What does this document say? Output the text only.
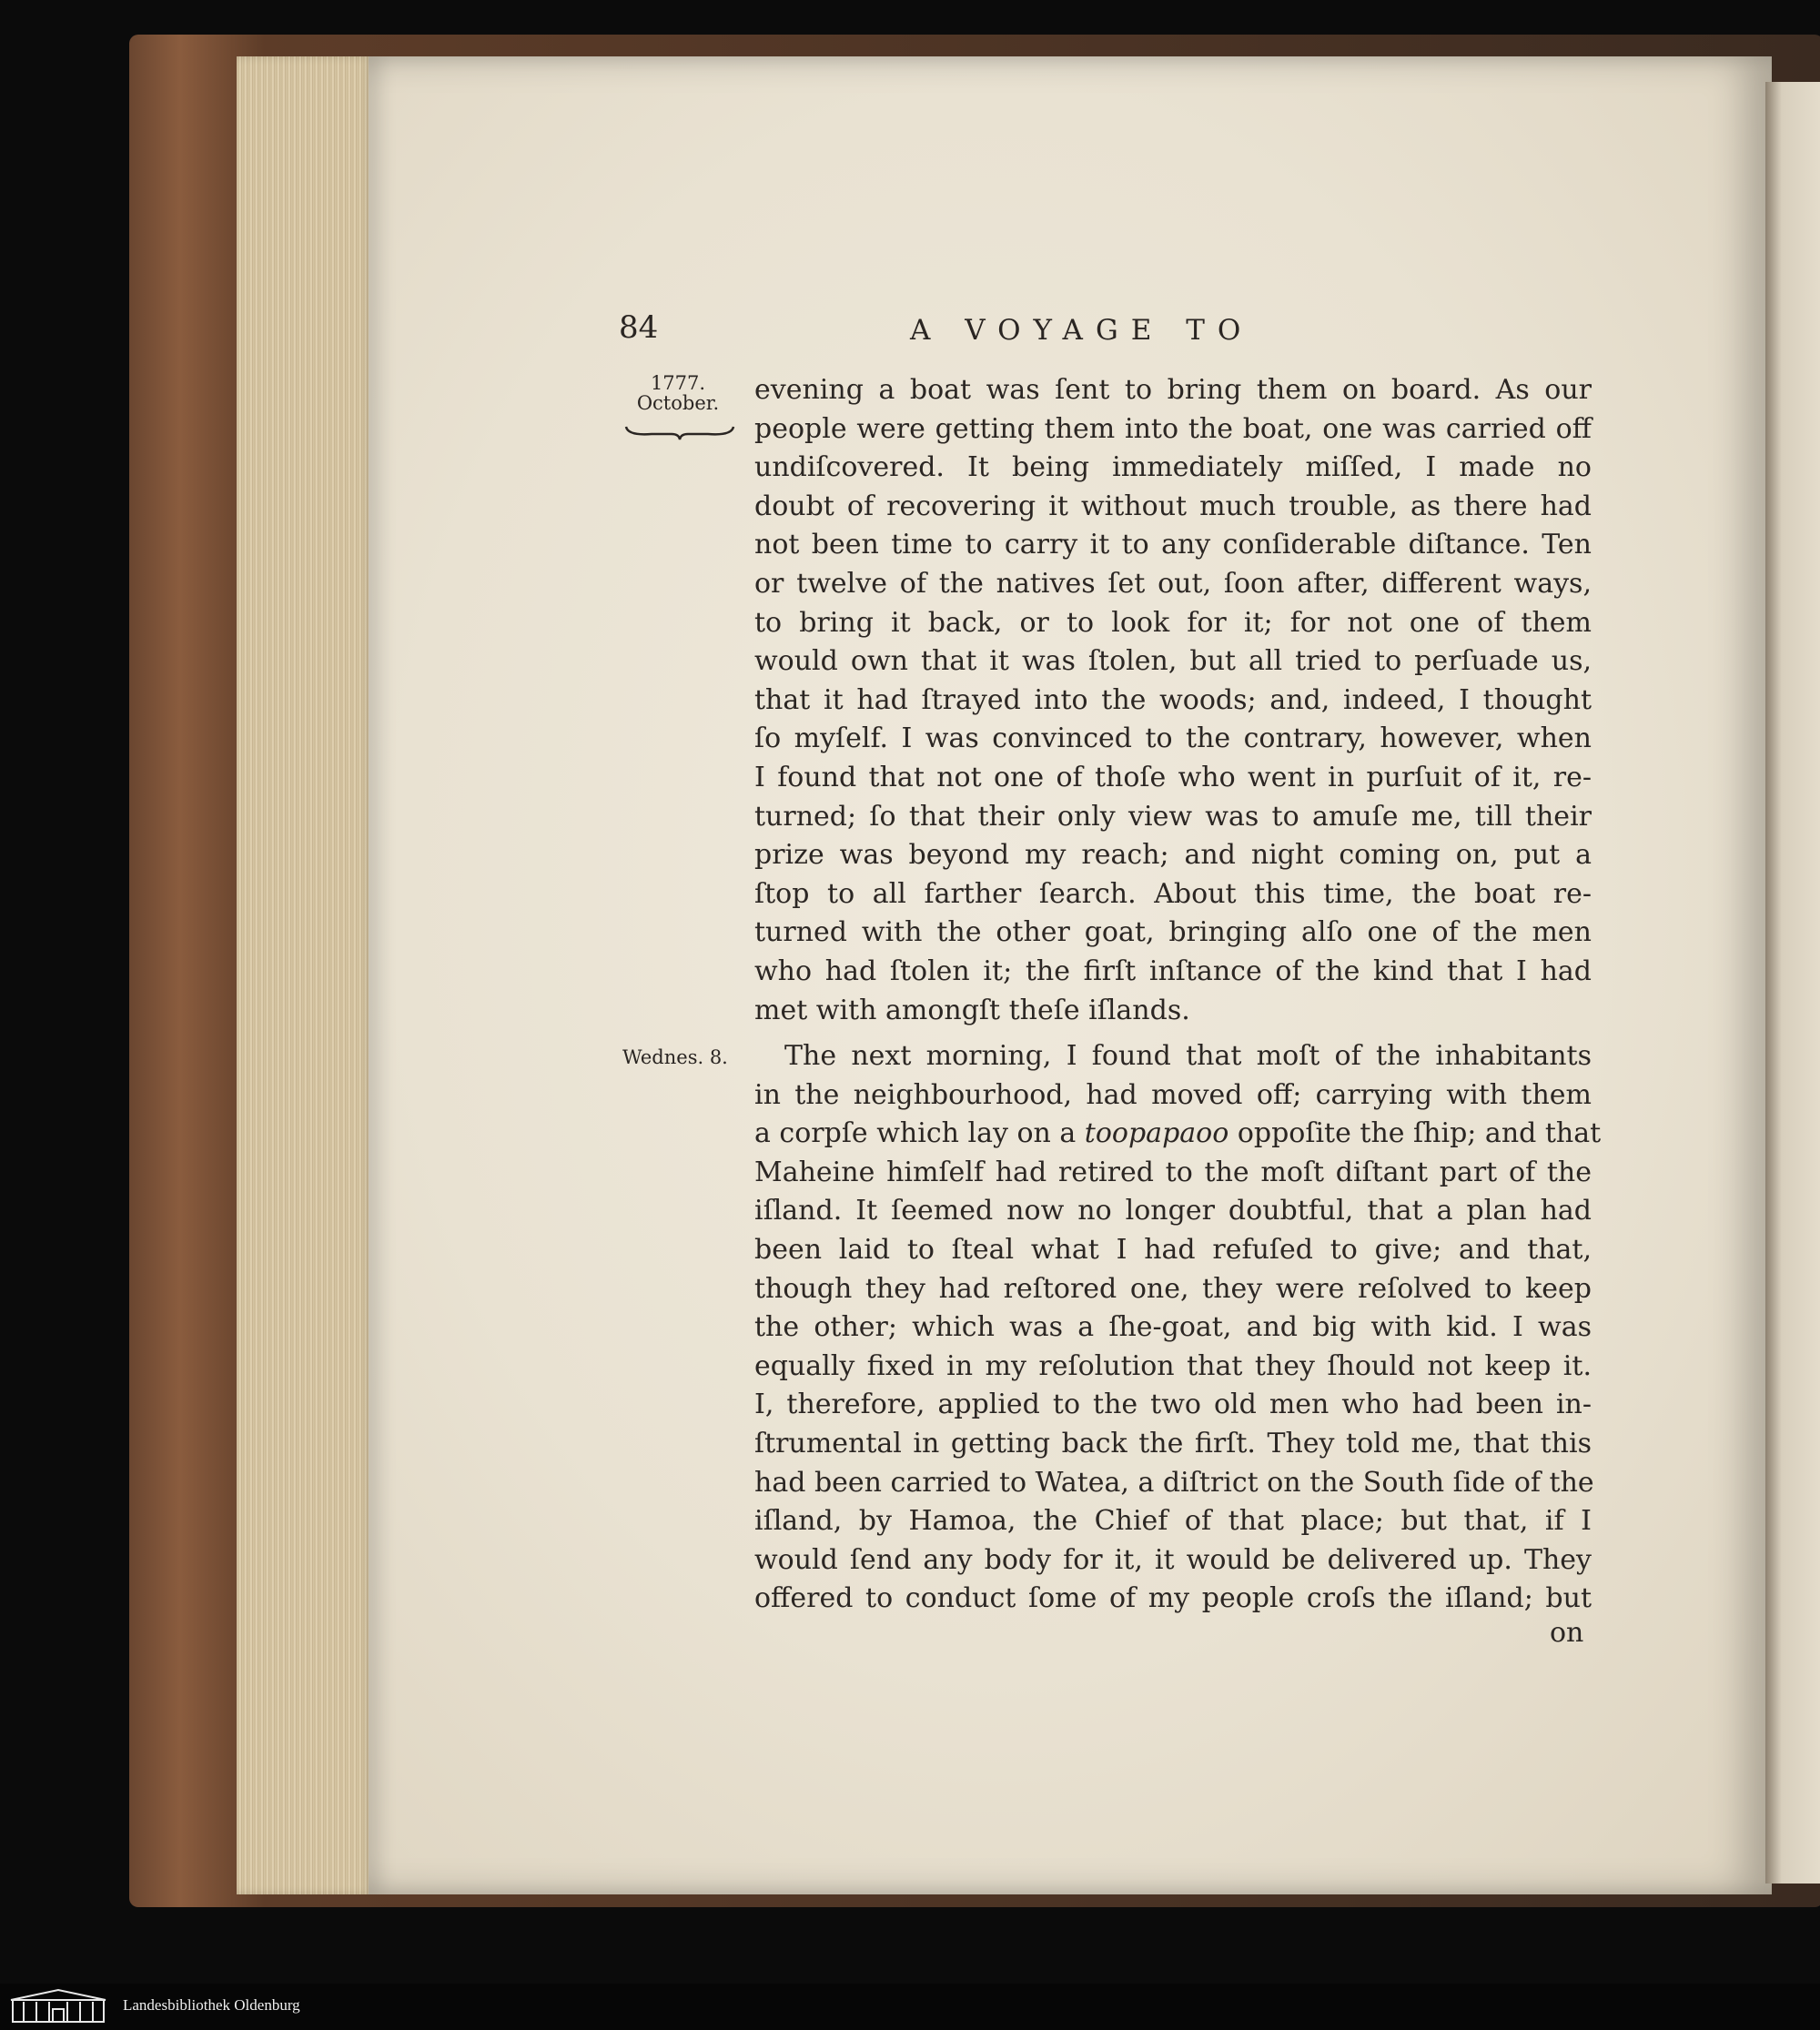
84	A VOYAGE TO
1777.
October.	evening a boat was ſent to bring them on board. As our
people were getting them into the boat, one was carried off
undiſcovered. It being immediately miſſed, I made no
doubt of recovering it without much trouble, as there had
not been time to carry it to any conſiderable diſtance. Ten
or twelve of the natives ſet out, ſoon after, different ways,
to bring it back, or to look for it; for not one of them
would own that it was ſtolen, but all tried to perſuade us,
that it had ſtrayed into the woods; and, indeed, I thought
ſo myſelf. I was convinced to the contrary, however, when
I found that not one of thoſe who went in purſuit of it, re-
turned; ſo that their only view was to amuſe me, till their
prize was beyond my reach; and night coming on, put a
ſtop to all farther ſearch. About this time, the boat re-
turned with the other goat, bringing alſo one of the men
who had ſtolen it; the firſt inſtance of the kind that I had
met with amongſt theſe iſlands.
Wednes. 8.	The next morning, I found that moſt of the inhabitants
in the neighbourhood, had moved off; carrying with them
a corpſe which lay on a toopapaoo oppoſite the ſhip; and that
Maheine himſelf had retired to the moſt diſtant part of the
iſland. It ſeemed now no longer doubtful, that a plan had
been laid to ſteal what I had refuſed to give; and that,
though they had reſtored one, they were reſolved to keep
the other; which was a ſhe-goat, and big with kid. I was
equally fixed in my reſolution that they ſhould not keep it.
I, therefore, applied to the two old men who had been in-
ſtrumental in getting back the firſt. They told me, that this
had been carried to Watea, a diſtrict on the South ſide of the
iſland, by Hamoa, the Chief of that place; but that, if I
would ſend any body for it, it would be delivered up. They
offered to conduct ſome of my people croſs the iſland; but
on
Landesbibliothek Oldenburg
